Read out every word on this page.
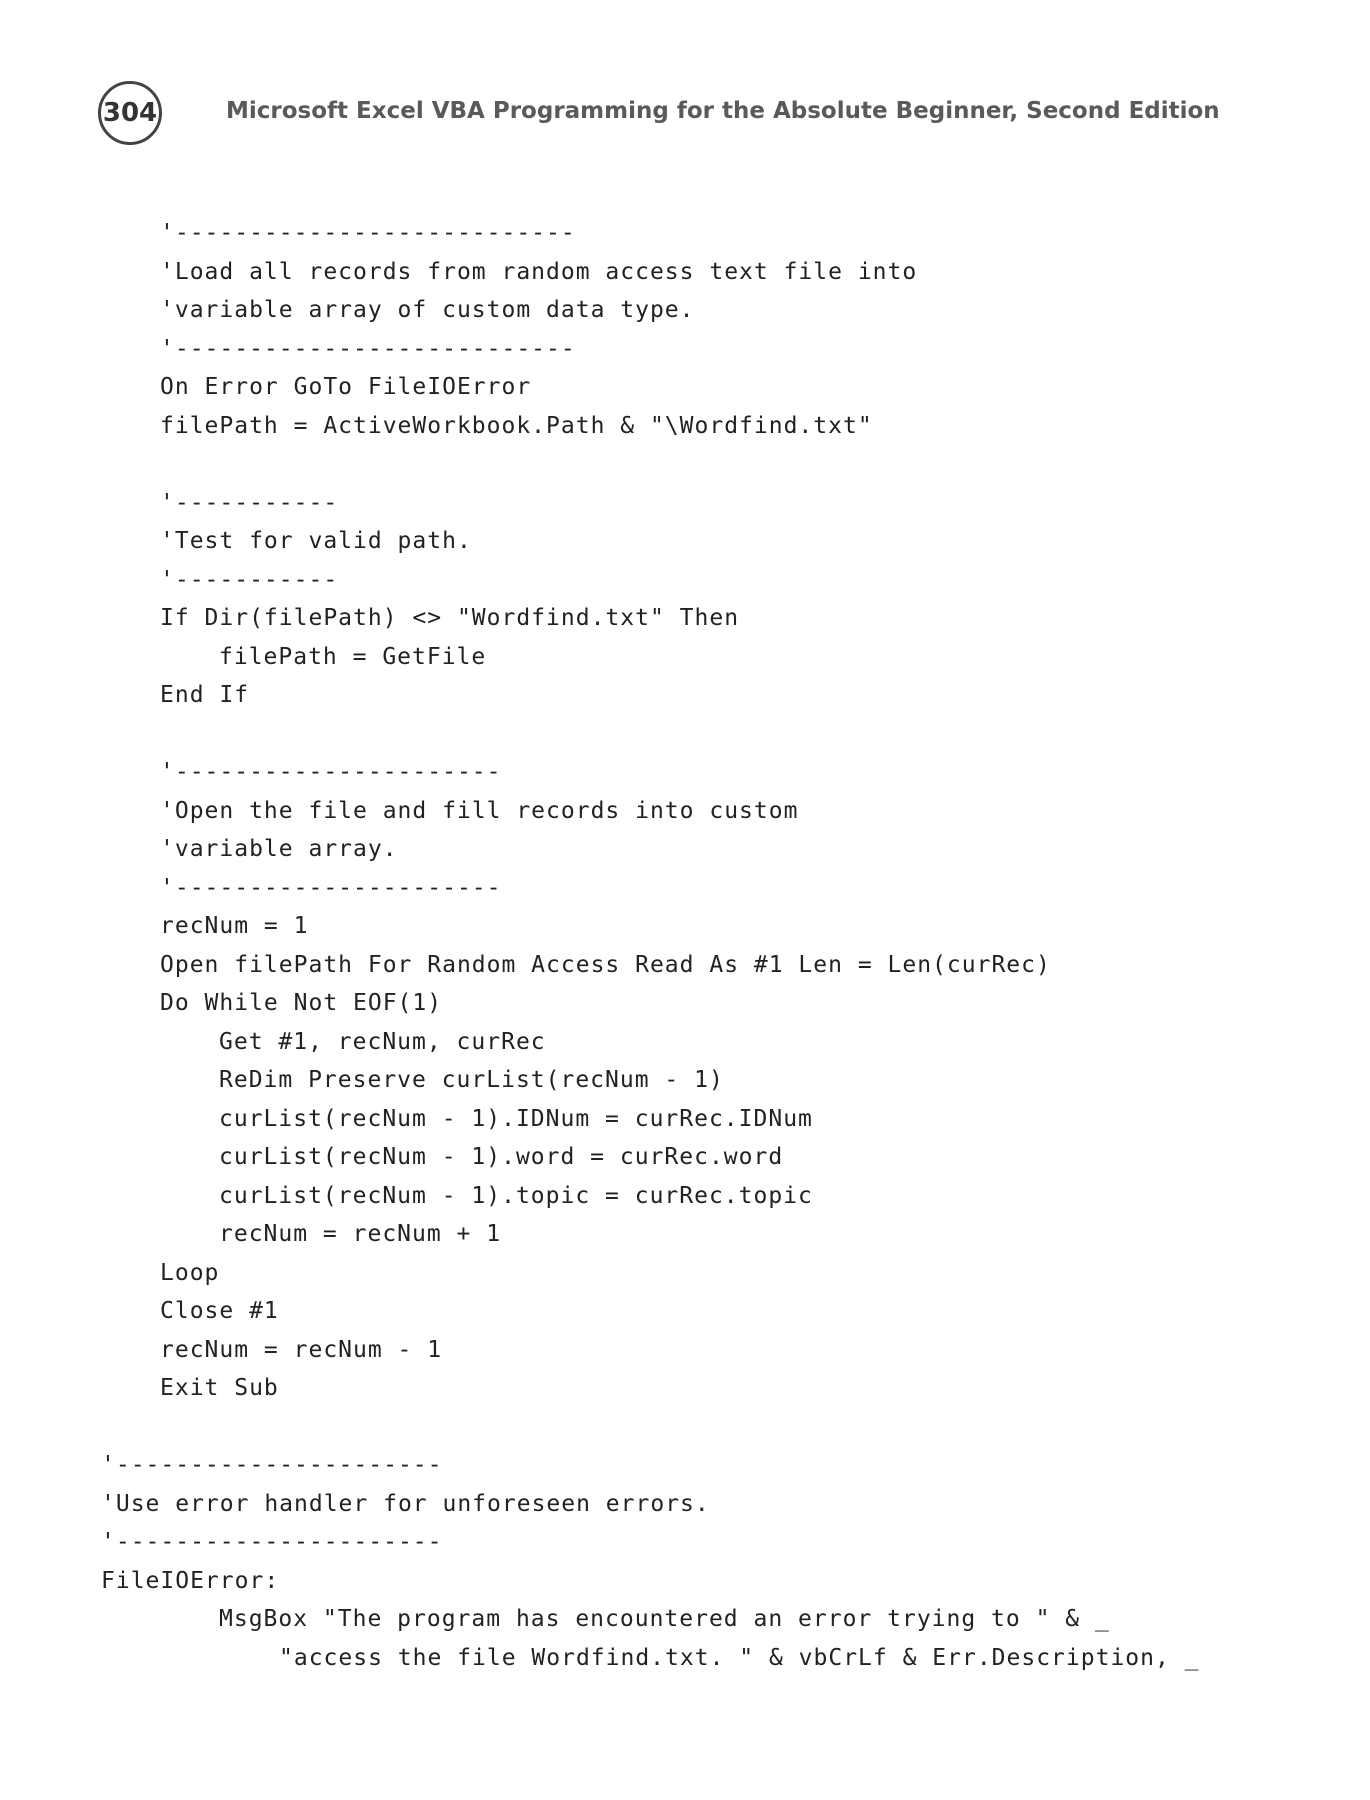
304	Microsoft Excel VBA Programming for the Absolute Beginner, Second Edition
'---------------------------
'Load all records from random access text file into
'variable array of custom data type.
'---------------------------
On Error GoTo FileIOError
filePath = ActiveWorkbook.Path & "\Wordfind.txt"
'-----------
'Test for valid path.
'-----------
If Dir(filePath) <> "Wordfind.txt" Then
filePath = GetFile
End If
'----------------------
'Open the file and fill records into custom
'variable array.
'----------------------
recNum = 1
Open filePath For Random Access Read As #1 Len = Len(curRec)
Do While Not EOF(1)
Get #1, recNum, curRec
ReDim Preserve curList(recNum - 1)
curList(recNum - 1).IDNum = curRec.IDNum
curList(recNum - 1).word = curRec.word
curList(recNum - 1).topic = curRec.topic
recNum = recNum + 1
Loop
Close #1
recNum = recNum - 1
Exit Sub
'----------------------
'Use error handler for unforeseen errors.
'----------------------
FileIOError:
MsgBox "The program has encountered an error trying to " & _
"access the file Wordfind.txt. " & vbCrLf & Err.Description, _
